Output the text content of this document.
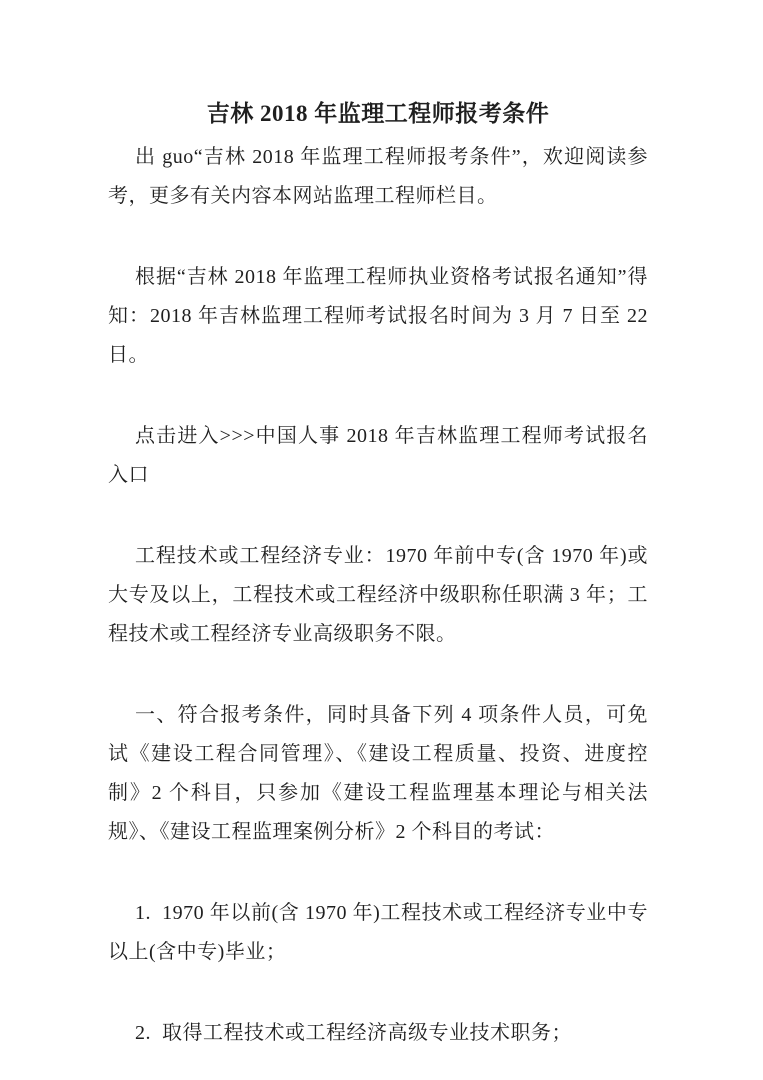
吉林 2018 年监理工程师报考条件

出 guo“吉林 2018 年监理工程师报考条件”，欢迎阅读参考，更多有关内容本网站监理工程师栏目。

根据“吉林 2018 年监理工程师执业资格考试报名通知”得知：2018 年吉林监理工程师考试报名时间为 3 月 7 日至 22 日。

点击进入>>>中国人事 2018 年吉林监理工程师考试报名入口

工程技术或工程经济专业：1970 年前中专(含 1970 年)或大专及以上，工程技术或工程经济中级职称任职满 3 年；工程技术或工程经济专业高级职务不限。

一、符合报考条件，同时具备下列 4 项条件人员，可免试《建设工程合同管理》、《建设工程质量、投资、进度控制》2 个科目，只参加《建设工程监理基本理论与相关法规》、《建设工程监理案例分析》2 个科目的考试：

1.  1970 年以前(含 1970 年)工程技术或工程经济专业中专以上(含中专)毕业；

2.  取得工程技术或工程经济高级专业技术职务；
